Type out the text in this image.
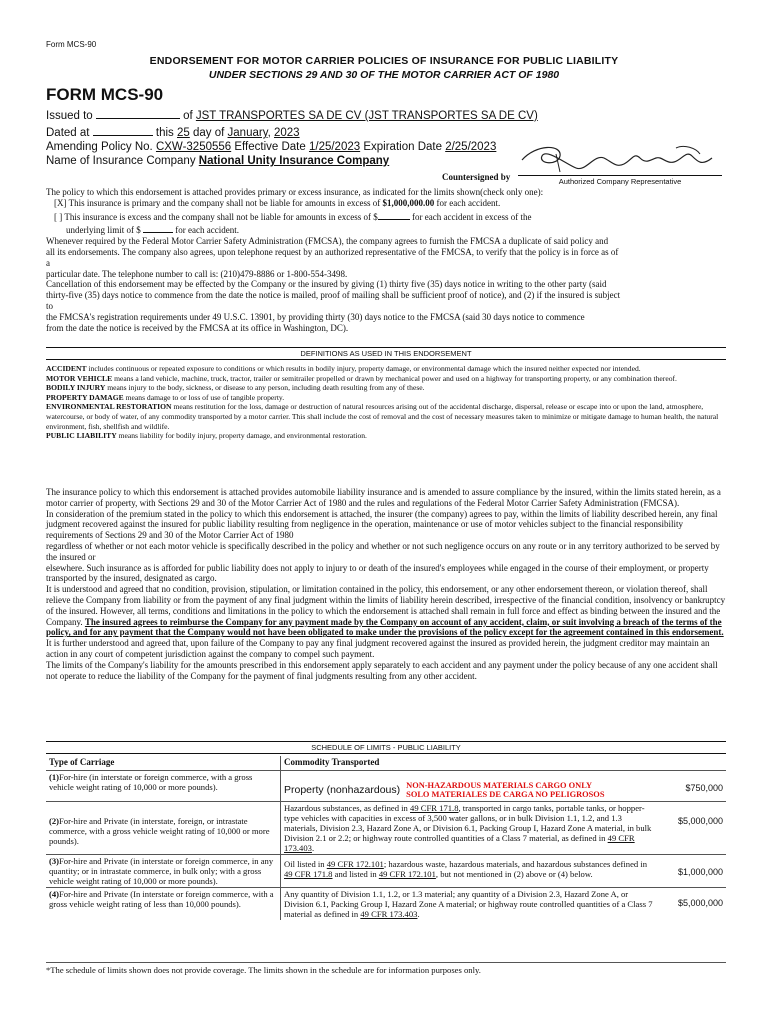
Form MCS-90
ENDORSEMENT FOR MOTOR CARRIER POLICIES OF INSURANCE FOR PUBLIC LIABILITY
UNDER SECTIONS 29 AND 30 OF THE MOTOR CARRIER ACT OF 1980
FORM MCS-90
Issued to	of JST TRANSPORTES SA DE CV (JST TRANSPORTES SA DE CV)
Dated at	this 25 day of January, 2023
Amending Policy No. CXW-3250556 Effective Date 1/25/2023 Expiration Date 2/25/2023
Name of Insurance Company National Unity Insurance Company
Countersigned by	Authorized Company Representative
The policy to which this endorsement is attached provides primary or excess insurance, as indicated for the limits shown(check only one):
[X] This insurance is primary and the company shall not be liable for amounts in excess of $1,000,000.00 for each accident.
[ ] This insurance is excess and the company shall not be liable for amounts in excess of $	for each accident in excess of the
underlying limit of $	for each accident.
Whenever required by the Federal Motor Carrier Safety Administration (FMCSA), the company agrees to furnish the FMCSA a duplicate of said policy and
all its endorsements. The company also agrees, upon telephone request by an authorized representative of the FMCSA, to verify that the policy is in force as of
a
particular date. The telephone number to call is: (210)479-8886 or 1-800-554-3498.
Cancellation of this endorsement may be effected by the Company or the insured by giving (1) thirty five (35) days notice in writing to the other party (said
thirty-five (35) days notice to commence from the date the notice is mailed, proof of mailing shall be sufficient proof of notice), and (2) if the insured is subject
to
the FMCSA's registration requirements under 49 U.S.C. 13901, by providing thirty (30) days notice to the FMCSA (said 30 days notice to commence
from the date the notice is received by the FMCSA at its office in Washington, DC).
DEFINITIONS AS USED IN THIS ENDORSEMENT
ACCIDENT includes continuous or repeated exposure to conditions or which results in bodily injury, property damage, or environmental damage which the insured neither expected nor intended.
MOTOR VEHICLE means a land vehicle, machine, truck, tractor, trailer or semitrailer propelled or drawn by mechanical power and used on a highway for transporting property, or any combination thereof.
BODILY INJURY means injury to the body, sickness, or disease to any person, including death resulting from any of these.
PROPERTY DAMAGE means damage to or loss of use of tangible property.
ENVIRONMENTAL RESTORATION means restitution for the loss, damage or destruction of natural resources arising out of the accidental discharge, dispersal, release or escape into or upon the land, atmosphere, watercourse, or body of water, of any commodity transported by a motor carrier. This shall include the cost of removal and the cost of necessary measures taken to minimize or mitigate damage to human health, the natural environment, fish, shellfish and wildlife.
PUBLIC LIABILITY means liability for bodily injury, property damage, and environmental restoration.
The insurance policy to which this endorsement is attached provides automobile liability insurance and is amended to assure compliance by the insured, within the limits stated herein, as a motor carrier of property, with Sections 29 and 30 of the Motor Carrier Act of 1980 and the rules and regulations of the Federal Motor Carrier Safety Administration (FMCSA).
In consideration of the premium stated in the policy to which this endorsement is attached, the insurer (the company) agrees to pay, within the limits of liability described herein, any final judgment recovered against the insured for public liability resulting from negligence in the operation, maintenance or use of motor vehicles subject to the financial responsibility requirements of Sections 29 and 30 of the Motor Carrier Act of 1980
regardless of whether or not each motor vehicle is specifically described in the policy and whether or not such negligence occurs on any route or in any territory authorized to be served by the insured or
elsewhere. Such insurance as is afforded for public liability does not apply to injury to or death of the insured's employees while engaged in the course of their employment, or property transported by the insured, designated as cargo.
It is understood and agreed that no condition, provision, stipulation, or limitation contained in the policy, this endorsement, or any other endorsement thereon, or violation thereof, shall relieve the Company from liability or from the payment of any final judgment within the limits of liability herein described, irrespective of the financial condition, insolvency or bankruptcy of the insured. However, all terms, conditions and limitations in the policy to which the endorsement is attached shall remain in full force and effect as binding between the insured and the Company. The insured agrees to reimburse the Company for any payment made by the Company on account of any accident, claim, or suit involving a breach of the terms of the policy, and for any payment that the Company would not have been obligated to make under the provisions of the policy except for the agreement contained in this endorsement.
It is further understood and agreed that, upon failure of the Company to pay any final judgment recovered against the insured as provided herein, the judgment creditor may maintain an action in any court of competent jurisdiction against the company to compel such payment.
The limits of the Company's liability for the amounts prescribed in this endorsement apply separately to each accident and any payment under the policy because of any one accident shall not operate to reduce the liability of the Company for the payment of final judgments resulting from any other accident.
SCHEDULE OF LIMITS - PUBLIC LIABILITY
Type of Carriage	Commodity Transported	
(1)For-hire (in interstate or foreign commerce, with a gross vehicle weight rating of 10,000 or more pounds).	Property (nonhazardous) NON-HAZARDOUS MATERIALS CARGO ONLY
SOLO MATERIALES DE CARGA NO PELIGROSOS	$750,000
(2)For-hire and Private (in interstate, foreign, or intrastate commerce, with a gross vehicle weight rating of 10,000 or more pounds).	Hazardous substances, as defined in 49 CFR 171.8, transported in cargo tanks, portable tanks, or hopper-type vehicles with capacities in excess of 3,500 water gallons, or in bulk Division 1.1, 1.2, and 1.3 materials, Division 2.3, Hazard Zone A, or Division 6.1, Packing Group I, Hazard Zone A material, in bulk Division 2.1 or 2.2; or highway route controlled quantities of a Class 7 material, as defined in 49 CFR 173.403.	$5,000,000
(3)For-hire and Private (in interstate or foreign commerce, in any quantity; or in intrastate commerce, in bulk only; with a gross vehicle weight rating of 10,000 or more pounds).	Oil listed in 49 CFR 172.101; hazardous waste, hazardous materials, and hazardous substances defined in 49 CFR 171.8 and listed in 49 CFR 172.101, but not mentioned in (2) above or (4) below.	$1,000,000
(4)For-hire and Private (In interstate or foreign commerce, with a gross vehicle weight rating of less than 10,000 pounds).	Any quantity of Division 1.1, 1.2, or 1.3 material; any quantity of a Division 2.3, Hazard Zone A, or Division 6.1, Packing Group I, Hazard Zone A material; or highway route controlled quantities of a Class 7 material as defined in 49 CFR 173.403.	$5,000,000
*The schedule of limits shown does not provide coverage. The limits shown in the schedule are for information purposes only.
